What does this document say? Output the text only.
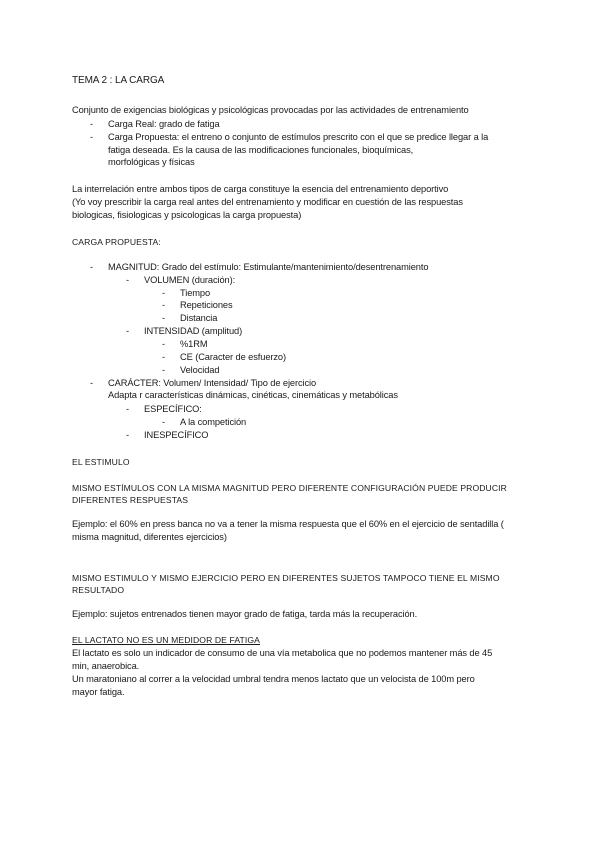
TEMA 2 : LA CARGA
Conjunto de exigencias biológicas y psicológicas provocadas por las actividades de entrenamiento
- Carga Real: grado de fatiga
- Carga Propuesta: el entreno o conjunto de estímulos prescrito con el que se predice llegar a la
fatiga deseada. Es la causa de las modificaciones funcionales, bioquímicas,
morfológicas y físicas
La interrelación entre ambos tipos de carga constituye la esencia del entrenamiento deportivo
(Yo voy prescribir la carga real antes del entrenamiento y modificar en cuestión de las respuestas
biologicas, fisiologicas y psicologicas la carga propuesta)
CARGA PROPUESTA:
- MAGNITUD: Grado del estímulo: Estimulante/mantenimiento/desentrenamiento
- VOLUMEN (duración):
- Tiempo
- Repeticiones
- Distancia
- INTENSIDAD (amplitud)
- %1RM
- CE (Caracter de esfuerzo)
- Velocidad
- CARÁCTER: Volumen/ Intensidad/ Tipo de ejercicio
Adapta r características dinámicas, cinéticas, cinemáticas y metabólicas
- ESPECÍFICO:
- A la competición
- INESPECÍFICO
EL ESTIMULO
MISMO ESTÍMULOS CON LA MISMA MAGNITUD PERO DIFERENTE CONFIGURACIÓN PUEDE PRODUCIR
DIFERENTES RESPUESTAS
Ejemplo: el 60% en press banca no va a tener la misma respuesta que el 60% en el ejercicio de sentadilla (
misma magnitud, diferentes ejercicios)
MISMO ESTIMULO Y MISMO EJERCICIO PERO EN DIFERENTES SUJETOS TAMPOCO TIENE EL MISMO
RESULTADO
Ejemplo: sujetos entrenados tienen mayor grado de fatiga, tarda más la recuperación.
EL LACTATO NO ES UN MEDIDOR DE FATIGA
El lactato es solo un indicador de consumo de una vía metabolica que no podemos mantener más de 45
min, anaerobica.
Un maratoniano al correr a la velocidad umbral tendra menos lactato que un velocista de 100m pero
mayor fatiga.
